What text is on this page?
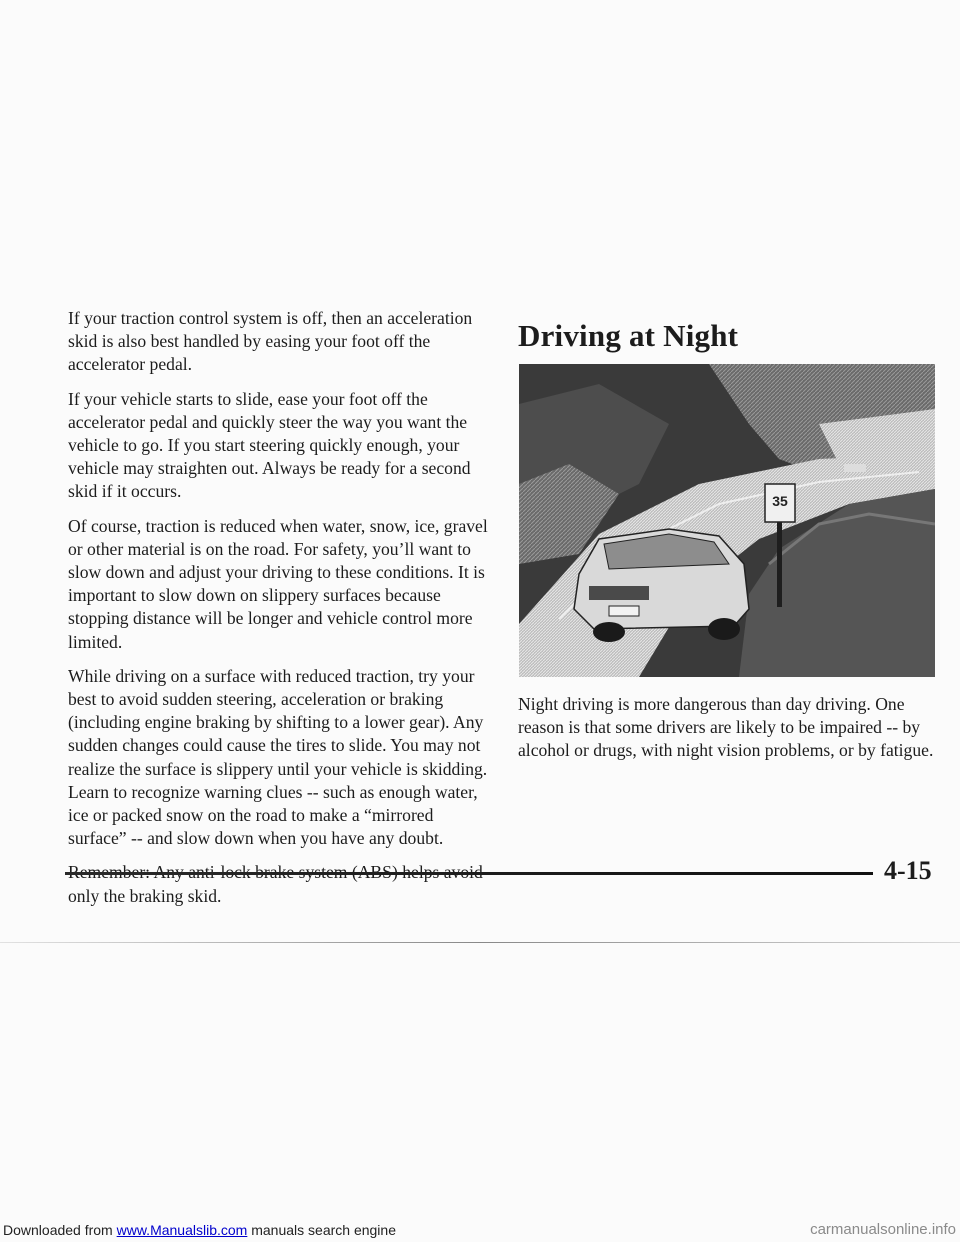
If your traction control system is off, then an acceleration skid is also best handled by easing your foot off the accelerator pedal.

If your vehicle starts to slide, ease your foot off the accelerator pedal and quickly steer the way you want the vehicle to go. If you start steering quickly enough, your vehicle may straighten out. Always be ready for a second skid if it occurs.

Of course, traction is reduced when water, snow, ice, gravel or other material is on the road. For safety, you’ll want to slow down and adjust your driving to these conditions. It is important to slow down on slippery surfaces because stopping distance will be longer and vehicle control more limited.

While driving on a surface with reduced traction, try your best to avoid sudden steering, acceleration or braking (including engine braking by shifting to a lower gear). Any sudden changes could cause the tires to slide. You may not realize the surface is slippery until your vehicle is skidding. Learn to recognize warning clues -- such as enough water, ice or packed snow on the road to make a “mirrored surface” -- and slow down when you have any doubt.

only the braking skid.

Driving at Night
35

Night driving is more dangerous than day driving. One reason is that some drivers are likely to be impaired -- by alcohol or drugs, with night vision problems, or by fatigue.

4-15
Downloaded from www.Manualslib.com manuals search engine	carmanualsonline.info
